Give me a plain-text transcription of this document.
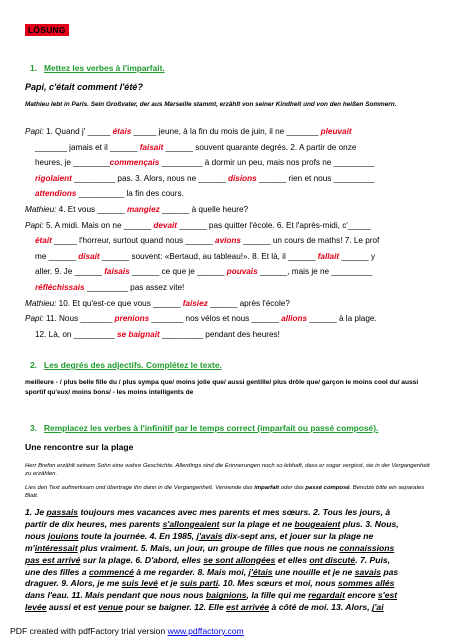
LÖSUNG
1. Mettez les verbes à l'imparfait.
Papi, c'était comment l'été?
Mathieu lebt in Paris. Sein Großvater, der aus Marseille stammt, erzählt von seiner Kindheit und von den heißen Sommern.
Papi: 1. Quand j' _____ étais _____ jeune, à la fin du mois de juin, il ne _______ pleuvait
_______ jamais et il ______ faisait ______ souvent quarante degrés. 2. A partir de onze
heures, je ________commençais _________ à dormir un peu, mais nos profs ne _________
rigolaient _________ pas. 3. Alors, nous ne ______ disions ______ rien et nous _________
attendions __________ la fin des cours.
Mathieu: 4. Et vous ______ mangiez ______ à quelle heure?
Papi: 5. A midi. Mais on ne ______ devait ______ pas quitter l'école. 6. Et l'après-midi, c'_____
était _____ l'horreur, surtout quand nous ______ avions ______ un cours de maths! 7. Le prof
me ______ disait ______ souvent: «Bertaud, au tableau!». 8. Et là, il ______ fallait ______ y
aller. 9. Je ______ faisais ______ ce que je ______ pouvais ______, mais je ne _________
réfléchissais _________ pas assez vite!
Mathieu: 10. Et qu'est-ce que vous ______ faisiez ______ après l'école?
Papi: 11. Nous _______ prenions _______ nos vélos et nous ______ allions ______ à la plage.
12. Là, on _________ se baignait _________ pendant des heures!
2. Les degrés des adjectifs. Complétez le texte.
meilleure - / plus belle fille du / plus sympa que/ moins jolie que/ aussi gentille/ plus drôle que/ garçon le moins cool du/ aussi sportif qu'eux/ moins bons/ - les moins intelligents de
3. Remplacez les verbes à l'infinitif par le temps correct (imparfait ou passé composé).
Une rencontre sur la plage
Herr Brefon erzählt seinem Sohn eine wahre Geschichte. Allerdings sind die Erinnerungen noch so lebhaft, dass er sogar vergisst, sie in der Vergangenheit zu erzählen.
Lies den Text aufmerksam und übertrage ihn dann in die Vergangenheit. Verwende das imparfait oder das passé composé. Benutze bitte ein separates Blatt.
1. Je passais toujours mes vacances avec mes parents et mes sœurs. 2. Tous les jours, à
partir de dix heures, mes parents s'allongeaient sur la plage et ne bougeaient plus. 3. Nous,
nous jouions toute la journée. 4. En 1985, j'avais dix-sept ans, et jouer sur la plage ne
m'intéressait plus vraiment. 5. Mais, un jour, un groupe de filles que nous ne connaissions
pas est arrivé sur la plage. 6. D'abord, elles se sont allongées et elles ont discuté. 7. Puis,
une des filles a commencé à me regarder. 8. Mais moi, j'étais une nouille et je ne savais pas
draguer. 9. Alors, je me suis levé et je suis parti. 10. Mes sœurs et moi, nous sommes allés
dans l'eau. 11. Mais pendant que nous nous baignions, la fille qui me regardait encore s'est
levée aussi et est venue pour se baigner. 12. Elle est arrivée à côté de moi. 13. Alors, j'ai
PDF created with pdfFactory trial version www.pdffactory.com
